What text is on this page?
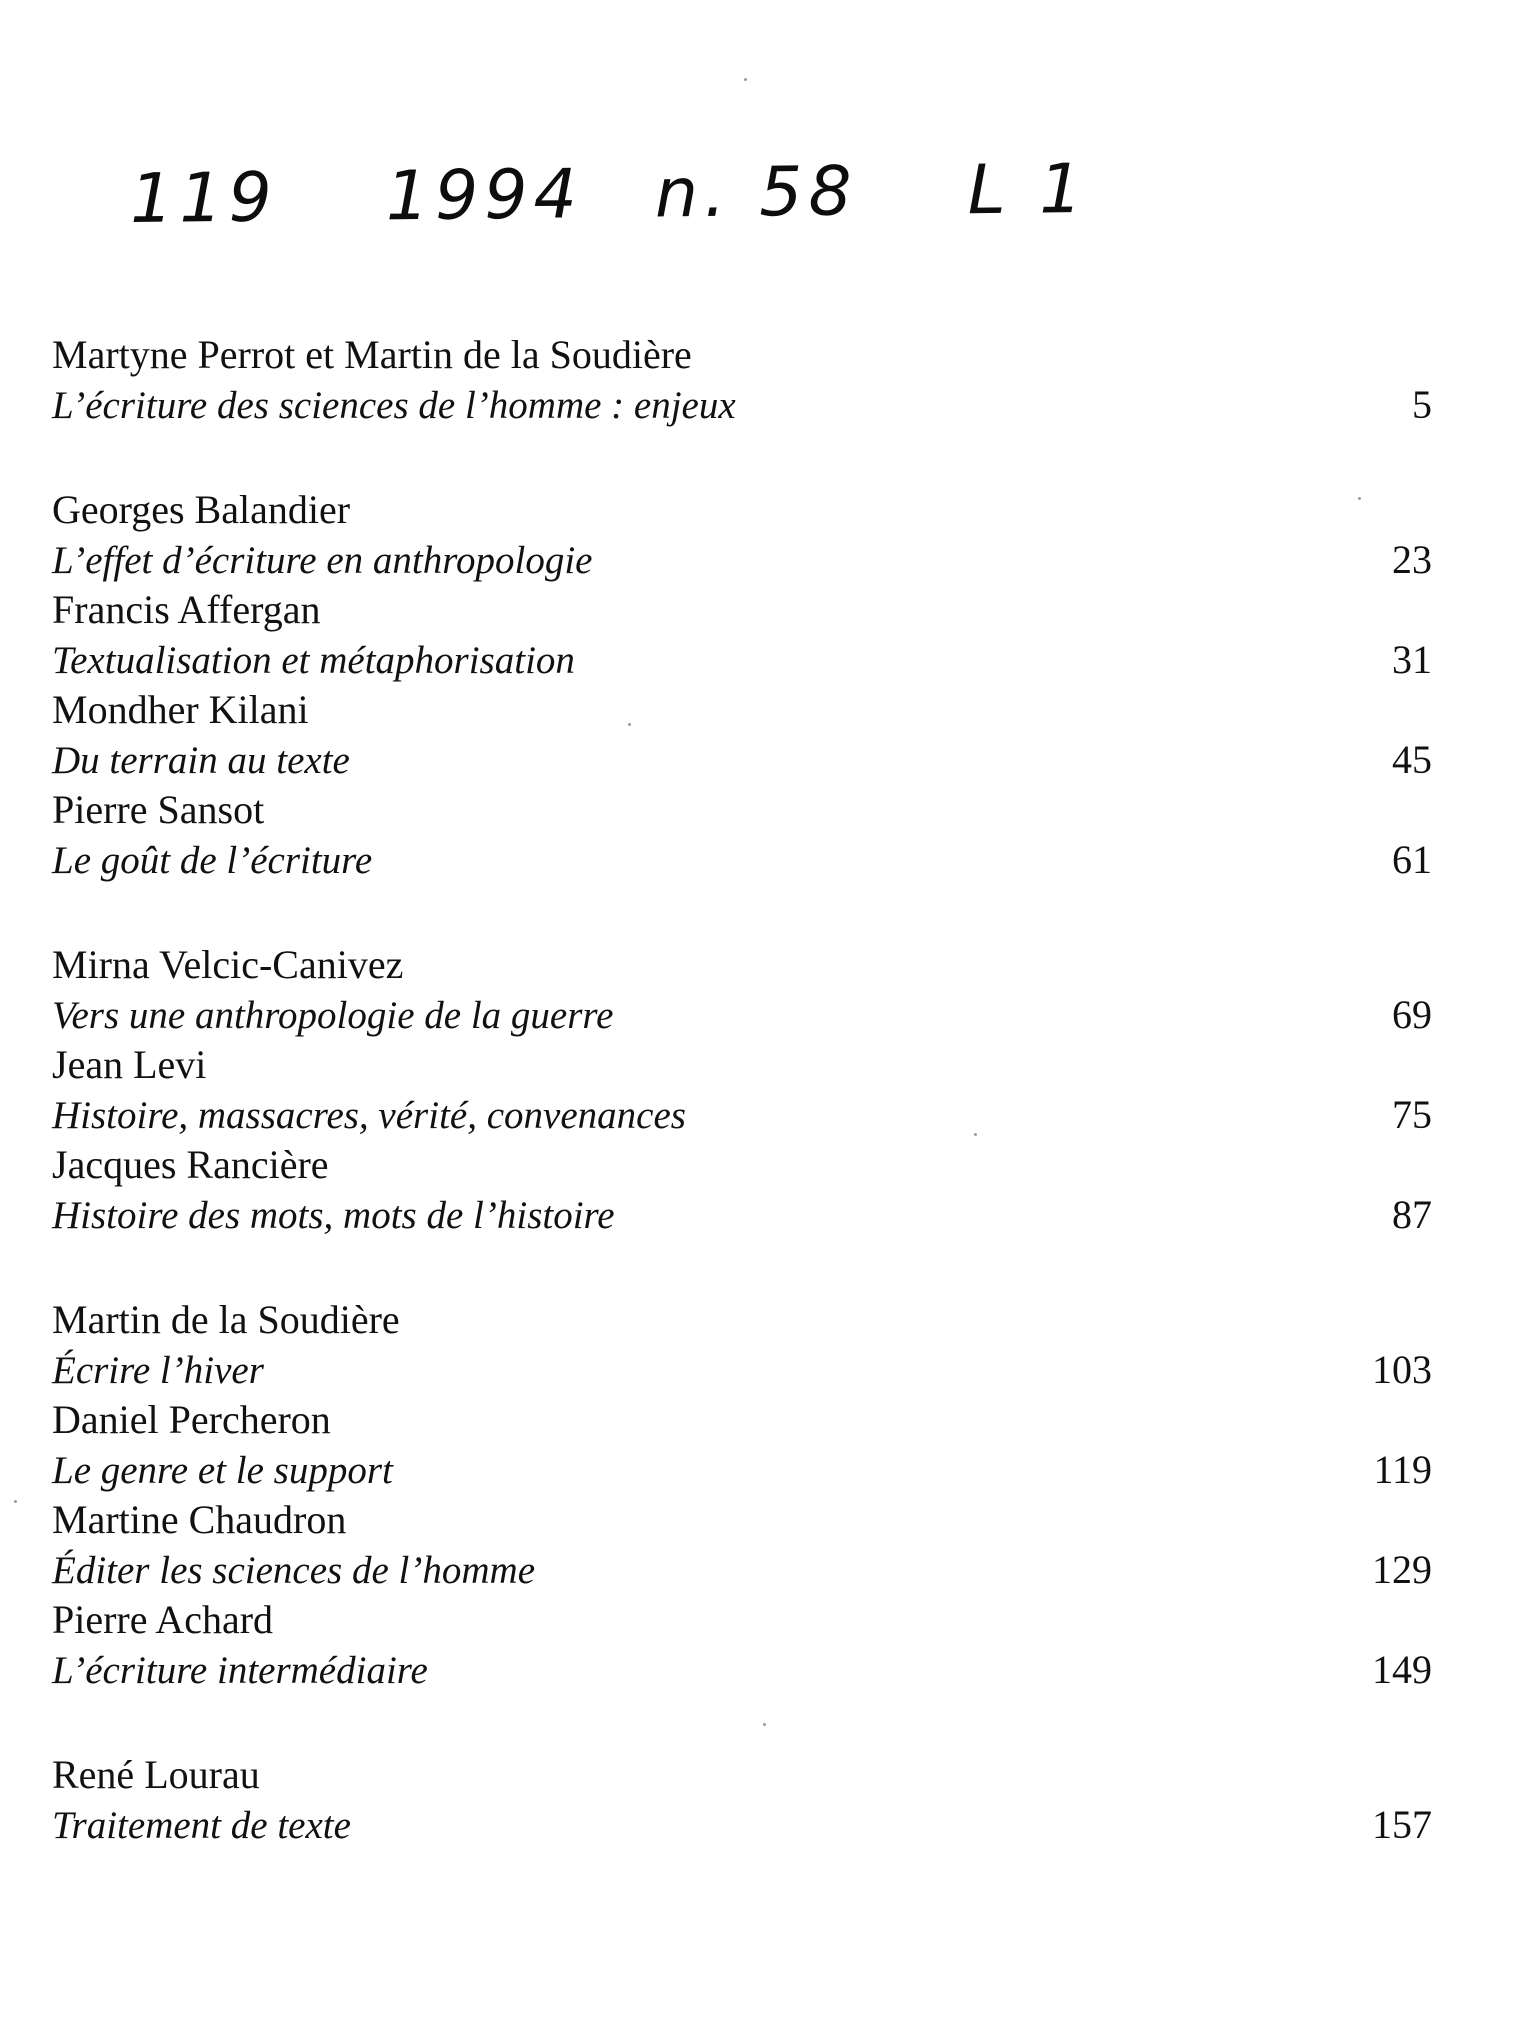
119 1994 n. 58 L 1
Martyne Perrot et Martin de la Soudière
L’écriture des sciences de l’homme : enjeux	5
Georges Balandier
L’effet d’écriture en anthropologie	23
Francis Affergan
Textualisation et métaphorisation	31
Mondher Kilani
Du terrain au texte	45
Pierre Sansot
Le goût de l’écriture	61
Mirna Velcic-Canivez
Vers une anthropologie de la guerre	69
Jean Levi
Histoire, massacres, vérité, convenances	75
Jacques Rancière
Histoire des mots, mots de l’histoire	87
Martin de la Soudière
Écrire l’hiver	103
Daniel Percheron
Le genre et le support	119
Martine Chaudron
Éditer les sciences de l’homme	129
Pierre Achard
L’écriture intermédiaire	149
René Lourau
Traitement de texte	157
